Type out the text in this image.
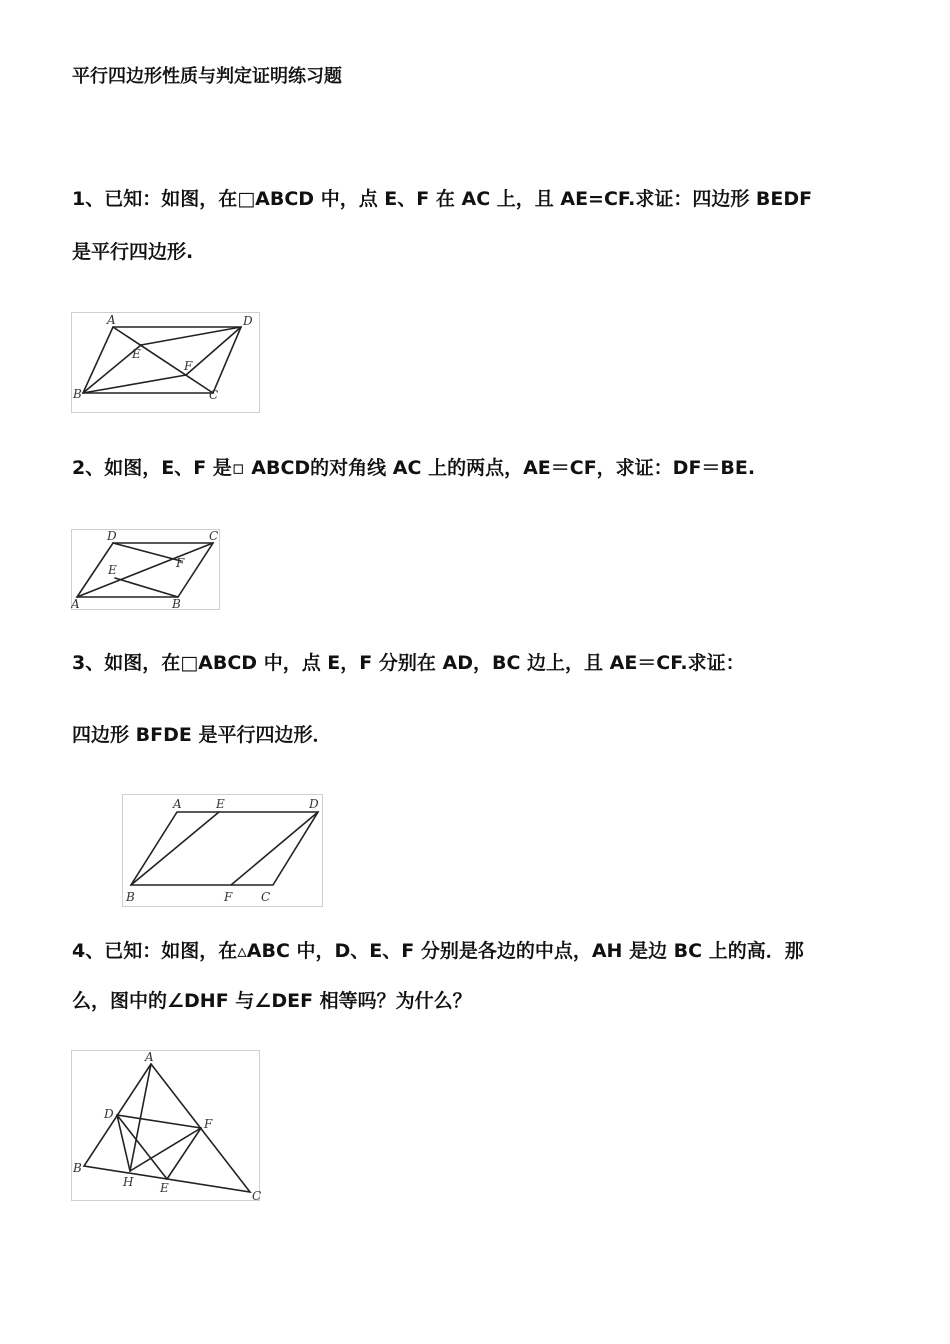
平行四边形性质与判定证明练习题
1、已知：如图，在□ABCD 中，点 E、F 在 AC 上，且 AE=CF.求证：四边形 BEDF
是平行四边形.
A	D
B	C
E
F
2、如图，E、F 是▫ ABCD的对角线 AC 上的两点，AE＝CF，求证：DF＝BE.
D	C
A	B
E	F
3、如图，在□ABCD 中，点 E，F 分别在 AD，BC 边上，且 AE＝CF.求证：
四边形 BFDE 是平行四边形．
A	E	D
B	F C
4、已知：如图，在▵ABC 中，D、E、F 分别是各边的中点，AH 是边 BC 上的高．那
么，图中的∠DHF 与∠DEF 相等吗？为什么？
A
D
F
B
H E
C
